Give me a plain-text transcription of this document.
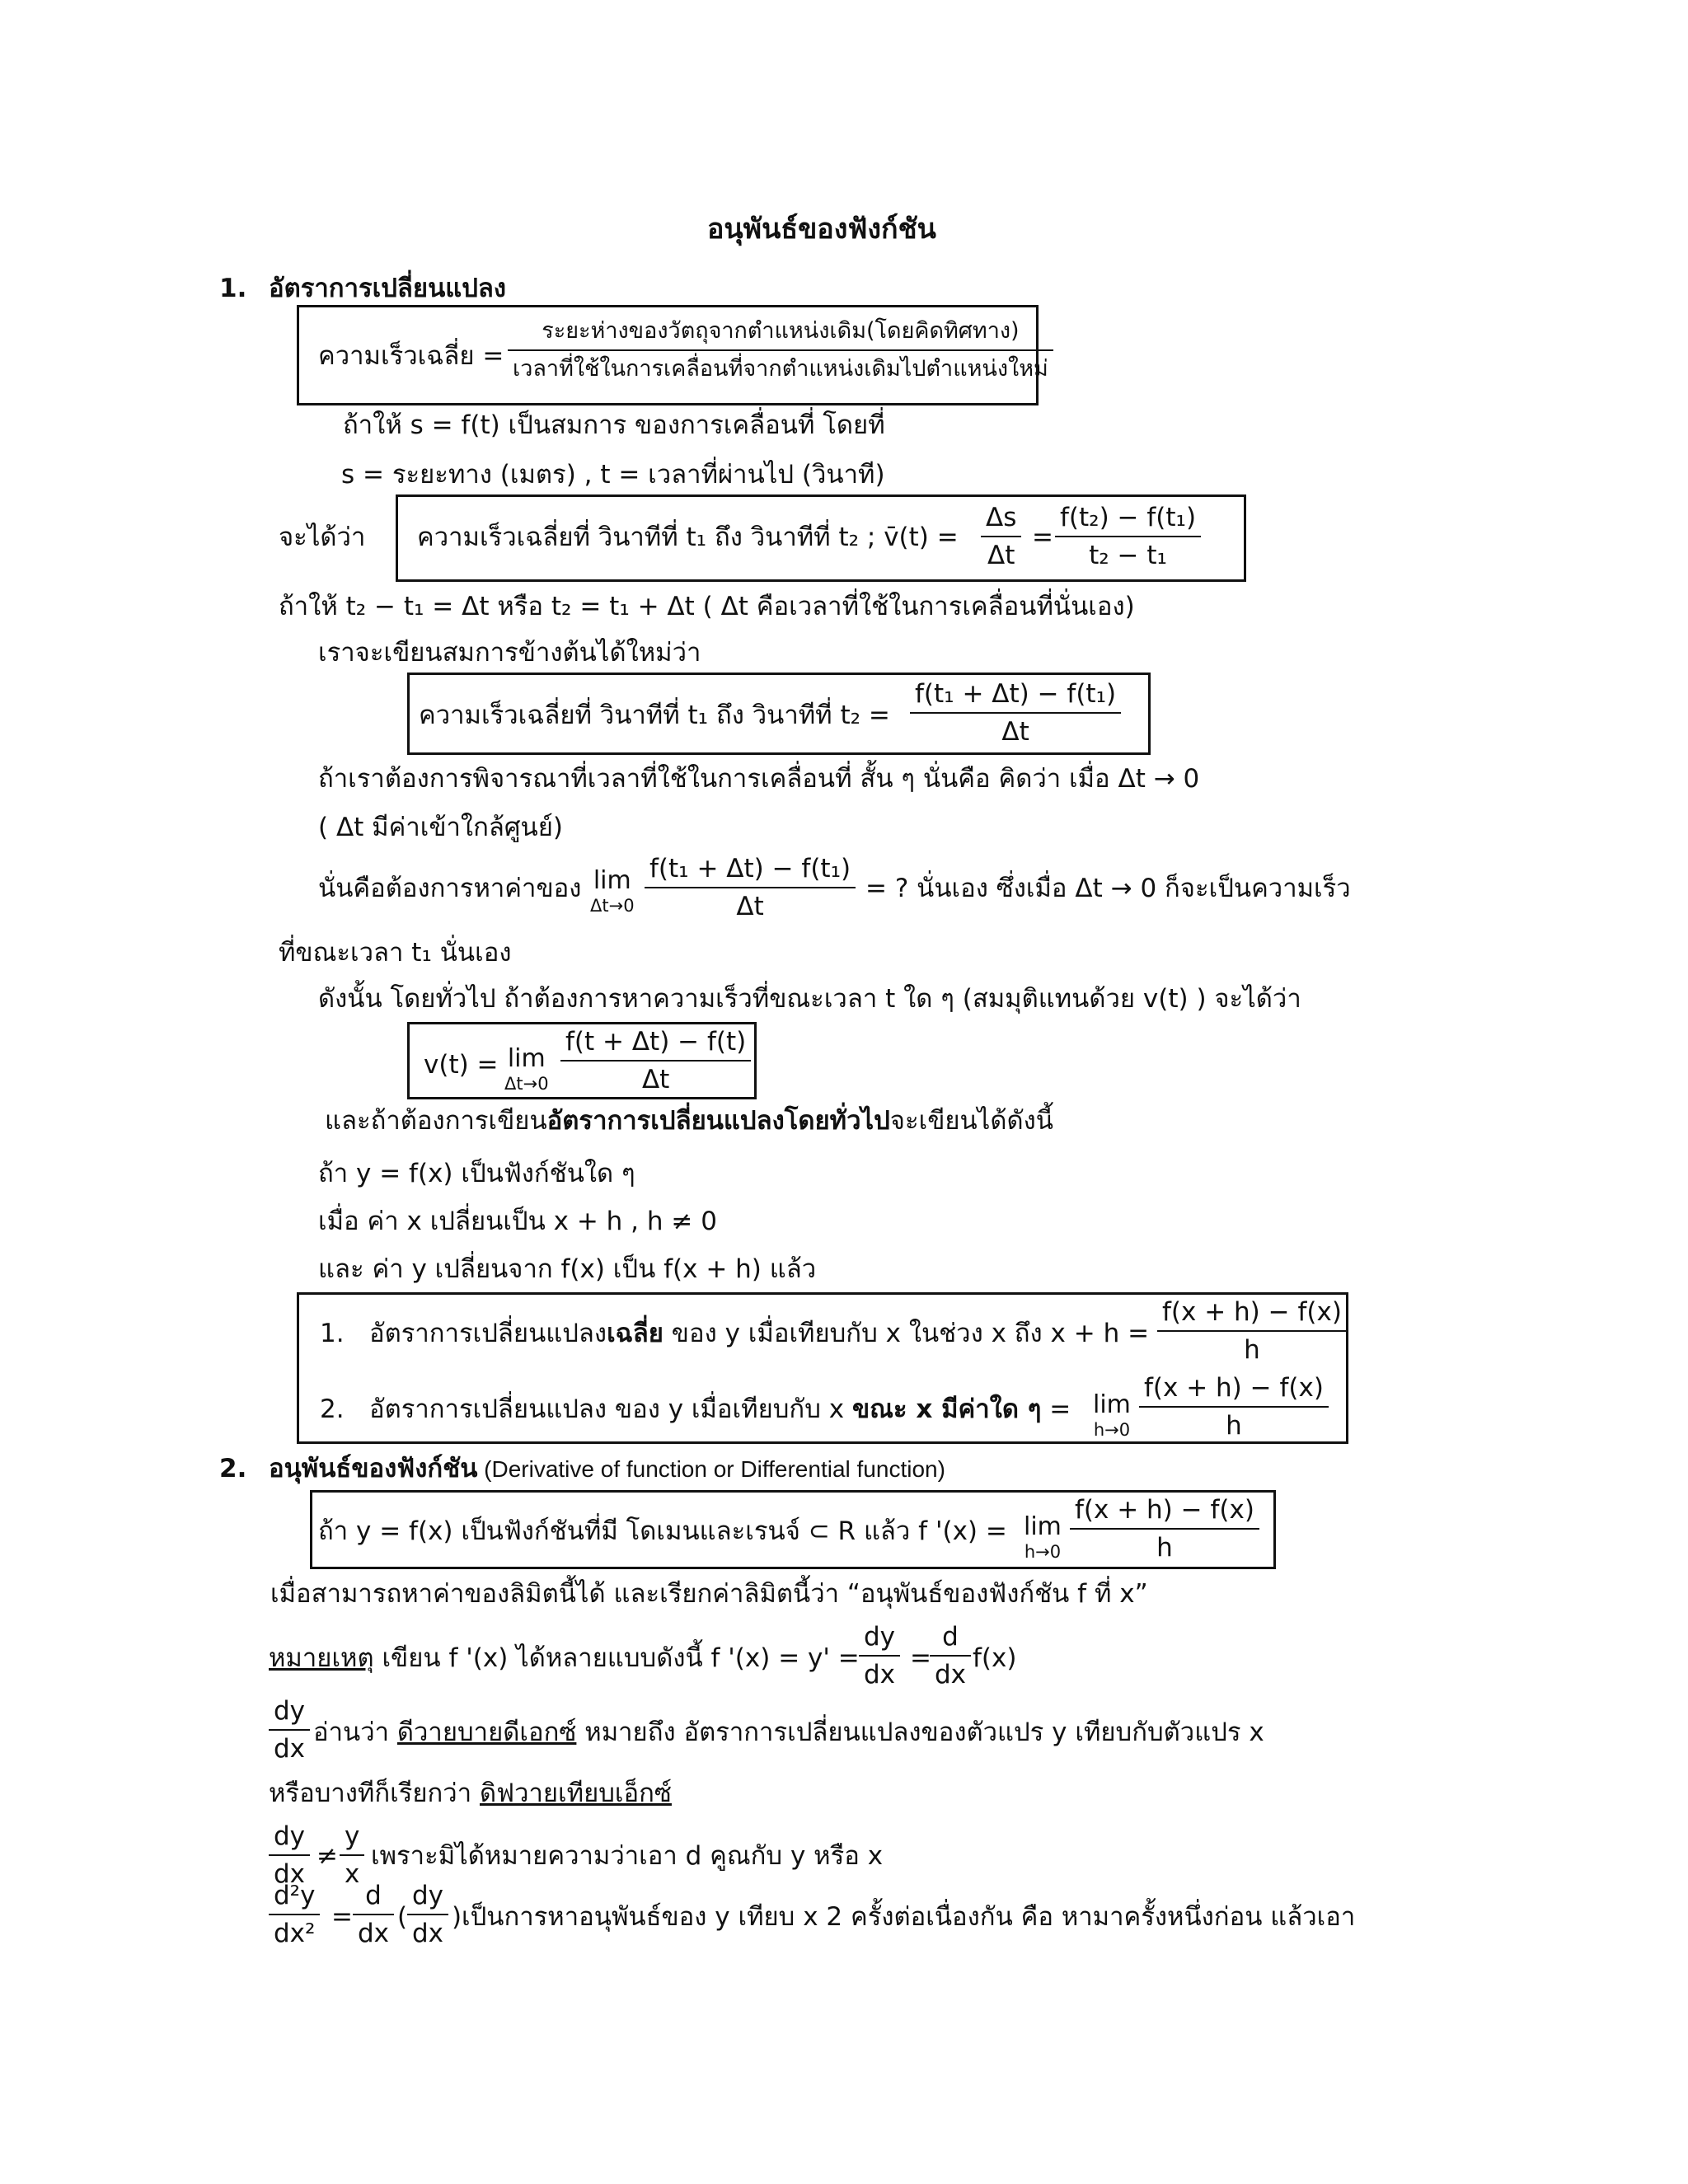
อนุพันธ์ของฟังก์ชัน
1. อัตราการเปลี่ยนแปลง
ความเร็วเฉลี่ย = $\frac{\text{ระยะห่างของวัตถุจากตำแหน่งเดิม(โดยคิดทิศทาง)}}{\text{เวลาที่ใช้ในการเคลื่อนที่จากตำแหน่งเดิมไปตำแหน่งใหม่}}$
ถ้าให้ s = f(t) เป็นสมการ ของการเคลื่อนที่ โดยที่
s = ระยะทาง (เมตร) , t = เวลาที่ผ่านไป (วินาที)
จะได้ว่า ความเร็วเฉลี่ยที่ วินาทีที่ t₁ ถึง วินาทีที่ t₂ ; v̄(t) = $\frac{\Delta s}{\Delta t} = \frac{\text{f(t₂) − f(t₁)}}{\text{t₂ − t₁}}$
ถ้าให้ t₂ − t₁ = Δt หรือ t₂ = t₁ + Δt ( Δt คือเวลาที่ใช้ในการเคลื่อนที่นั่นเอง)
เราจะเขียนสมการข้างต้นได้ใหม่ว่า
ความเร็วเฉลี่ยที่ วินาทีที่ t₁ ถึง วินาทีที่ $t_2 = \frac{\text{f(t₁ + Δt) − f(t₁)}}{\Delta t}$
ถ้าเราต้องการพิจารณาที่เวลาที่ใช้ในการเคลื่อนที่ สั้น ๆ นั่นคือ คิดว่า เมื่อ Δt → 0
( Δt มีค่าเข้าใกล้ศูนย์)
นั่นคือต้องการหาค่าของ lim
$\Delta t\to 0 \frac{\text{f(t₁ + Δt) − f(t₁)}}{\Delta t}$ = ? นั่นเอง ซึ่งเมื่อ Δt → 0 ก็จะเป็นความเร็ว
ที่ขณะเวลา t₁ นั่นเอง
ดังนั้น โดยทั่วไป ถ้าต้องการหาความเร็วที่ขณะเวลา t ใด ๆ (สมมุติแทนด้วย v(t) ) จะได้ว่า
v(t) = lim
$\Delta t\to 0 \frac{f(t + \Delta t) - f(t)}{\Delta t}$
และถ้าต้องการเขียนอัตราการเปลี่ยนแปลงโดยทั่วไปจะเขียนได้ดังนี้
ถ้า y = f(x) เป็นฟังก์ชันใด ๆ
เมื่อ ค่า x เปลี่ยนเป็น x + h , h ≠ 0
และ ค่า y เปลี่ยนจาก f(x) เป็น f(x + h) แล้ว
1. อัตราการเปลี่ยนแปลงเฉลี่ย ของ y เมื่อเทียบกับ x ในช่วง x ถึง $x + h = \frac{f(x + h) - f(x)}{h}$
2. อัตราการเปลี่ยนแปลง ของ y เมื่อเทียบกับ x ขณะ x มีค่าใด ๆ = lim
$h\to 0 \frac{f(x + h) - f(x)}{h}$
2. อนุพันธ์ของฟังก์ชัน (Derivative of function or Differential function)
ถ้า y = f(x) เป็นฟังก์ชันที่มี โดเมนและเรนจ์ ⊂ R แล้ว f '(x) = lim
$h\to 0 \frac{f(x + h) - f(x)}{h}$
เมื่อสามารถหาค่าของลิมิตนี้ได้ และเรียกค่าลิมิตนี้ว่า “อนุพันธ์ของฟังก์ชัน f ที่ x”
หมายเหตุ เขียน f '(x) ได้หลายแบบดังนี้ f '$(x) = y' = \frac{dy}{dx}$ =
$\frac{d}{dx} f(x)$
$\frac{dy}{dx}$ อ่านว่า ดีวายบายดีเอกซ์ หมายถึง อัตราการเปลี่ยนแปลงของตัวแปร y เทียบกับตัวแปร x
หรือบางทีก็เรียกว่า ดิฟวายเทียบเอ็กซ์
$\frac{dy}{dx} \ne \frac{y}{x}$ เพราะมิได้หมายความว่าเอา d คูณกับ y หรือ x
$\frac{\text{d²y}}{\text{dx²}} = \frac{d}{dx}$ ( $\frac{dy}{dx}$ ) เป็นการหาอนุพันธ์ของ y เทียบ x 2 ครั้งต่อเนื่องกัน คือ หามาครั้งหนึ่งก่อน แล้วเอา
